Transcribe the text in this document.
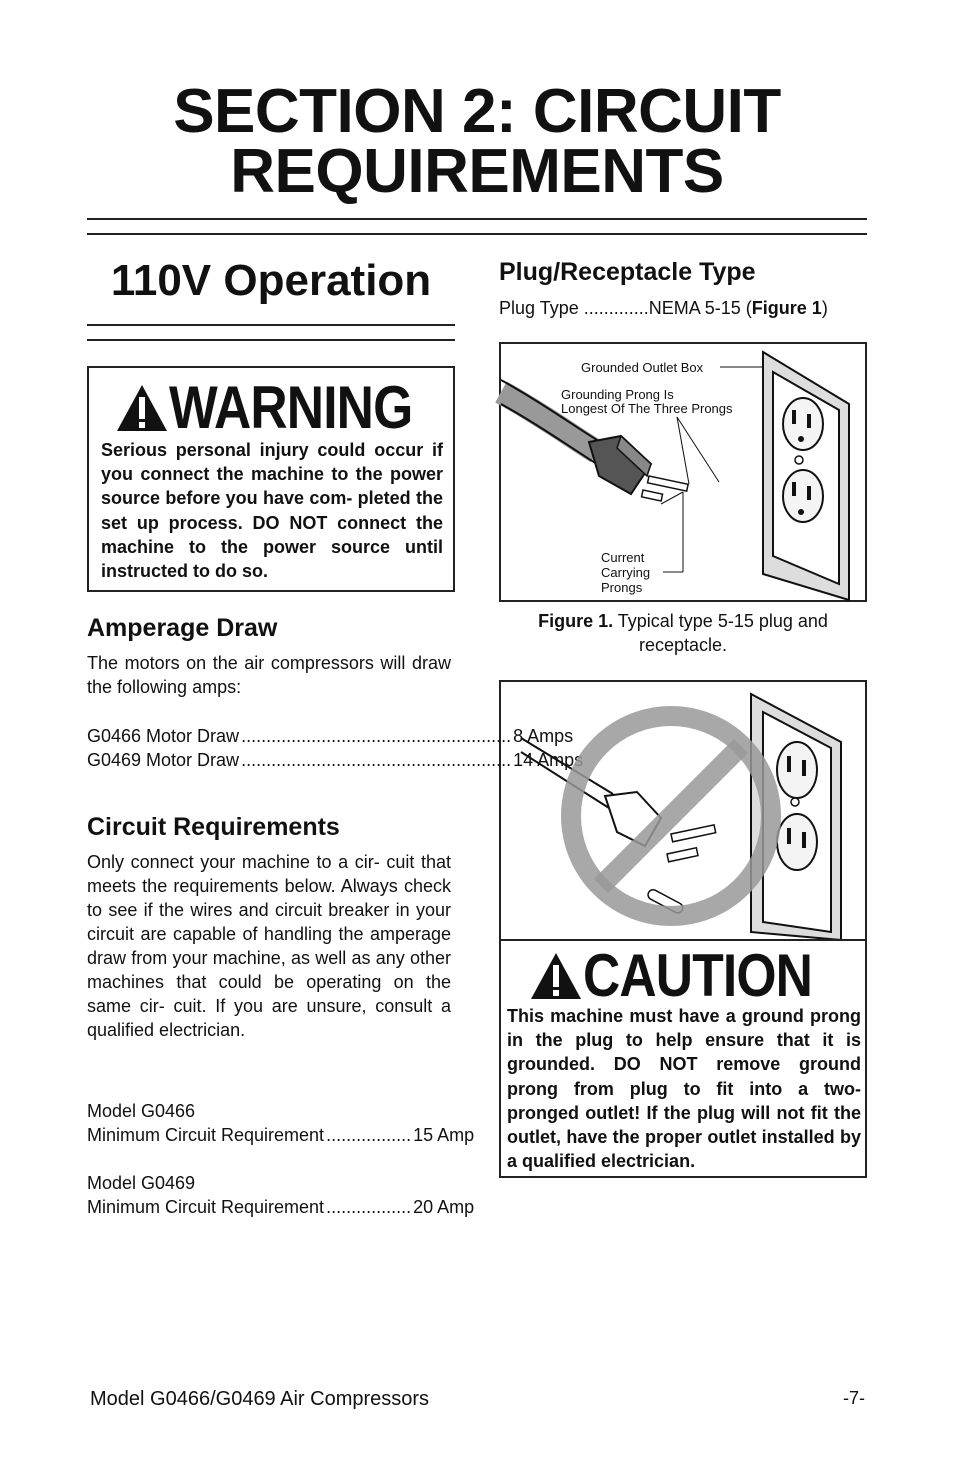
SECTION 2: CIRCUIT
REQUIREMENTS
110V Operation
WARNING
Serious personal injury could occur if you connect the machine to the power source before you have com- pleted the set up process. DO NOT connect the machine to the power source until instructed to do so.
Amperage Draw
The motors on the air compressors will draw the following amps:
G0466 Motor Draw ...................................................... 8 Amps
G0469 Motor Draw ...................................................... 14 Amps
Circuit Requirements
Only connect your machine to a cir- cuit that meets the requirements below. Always check to see if the wires and circuit breaker in your circuit are capable of handling the amperage draw from your machine, as well as any other machines that could be operating on the same cir- cuit. If you are unsure, consult a qualified electrician.
Model G0466
Minimum Circuit Requirement ................. 15 Amp
Model G0469
Minimum Circuit Requirement ................. 20 Amp
Plug/Receptacle Type
Plug Type .............NEMA 5-15 (Figure 1)
Grounded Outlet Box
Grounding Prong Is
Longest Of The Three Prongs
Current
Carrying
Prongs
Figure 1. Typical type 5-15 plug and receptacle.
CAUTION
This machine must have a ground prong in the plug to help ensure that it is grounded. DO NOT remove ground prong from plug to fit into a two- pronged outlet! If the plug will not fit the outlet, have the proper outlet installed by a qualified electrician.
Model G0466/G0469 Air Compressors	-7-
